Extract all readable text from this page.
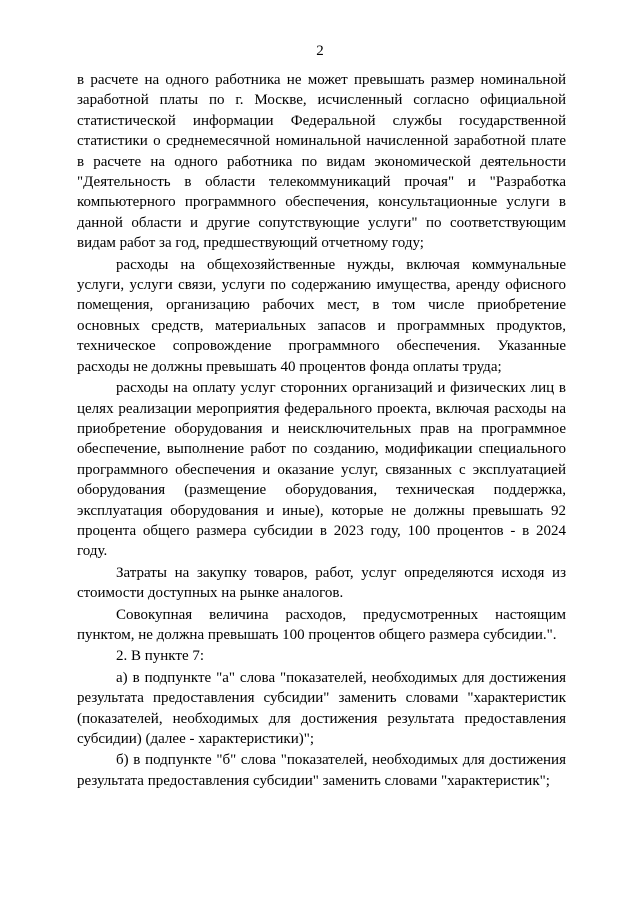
2

в расчете на одного работника не может превышать размер номинальной заработной платы по г. Москве, исчисленный согласно официальной статистической информации Федеральной службы государственной статистики о среднемесячной номинальной начисленной заработной плате в расчете на одного работника по видам экономической деятельности "Деятельность в области телекоммуникаций прочая" и "Разработка компьютерного программного обеспечения, консультационные услуги в данной области и другие сопутствующие услуги" по соответствующим видам работ за год, предшествующий отчетному году;

расходы на общехозяйственные нужды, включая коммунальные услуги, услуги связи, услуги по содержанию имущества, аренду офисного помещения, организацию рабочих мест, в том числе приобретение основных средств, материальных запасов и программных продуктов, техническое сопровождение программного обеспечения. Указанные расходы не должны превышать 40 процентов фонда оплаты труда;

расходы на оплату услуг сторонних организаций и физических лиц в целях реализации мероприятия федерального проекта, включая расходы на приобретение оборудования и неисключительных прав на программное обеспечение, выполнение работ по созданию, модификации специального программного обеспечения и оказание услуг, связанных с эксплуатацией оборудования (размещение оборудования, техническая поддержка, эксплуатация оборудования и иные), которые не должны превышать 92 процента общего размера субсидии в 2023 году, 100 процентов - в 2024 году.

Затраты на закупку товаров, работ, услуг определяются исходя из стоимости доступных на рынке аналогов.

Совокупная величина расходов, предусмотренных настоящим пунктом, не должна превышать 100 процентов общего размера субсидии.".

2. В пункте 7:

а) в подпункте "а" слова "показателей, необходимых для достижения результата предоставления субсидии" заменить словами "характеристик (показателей, необходимых для достижения результата предоставления субсидии) (далее - характеристики)";

б) в подпункте "б" слова "показателей, необходимых для достижения результата предоставления субсидии" заменить словами "характеристик";
